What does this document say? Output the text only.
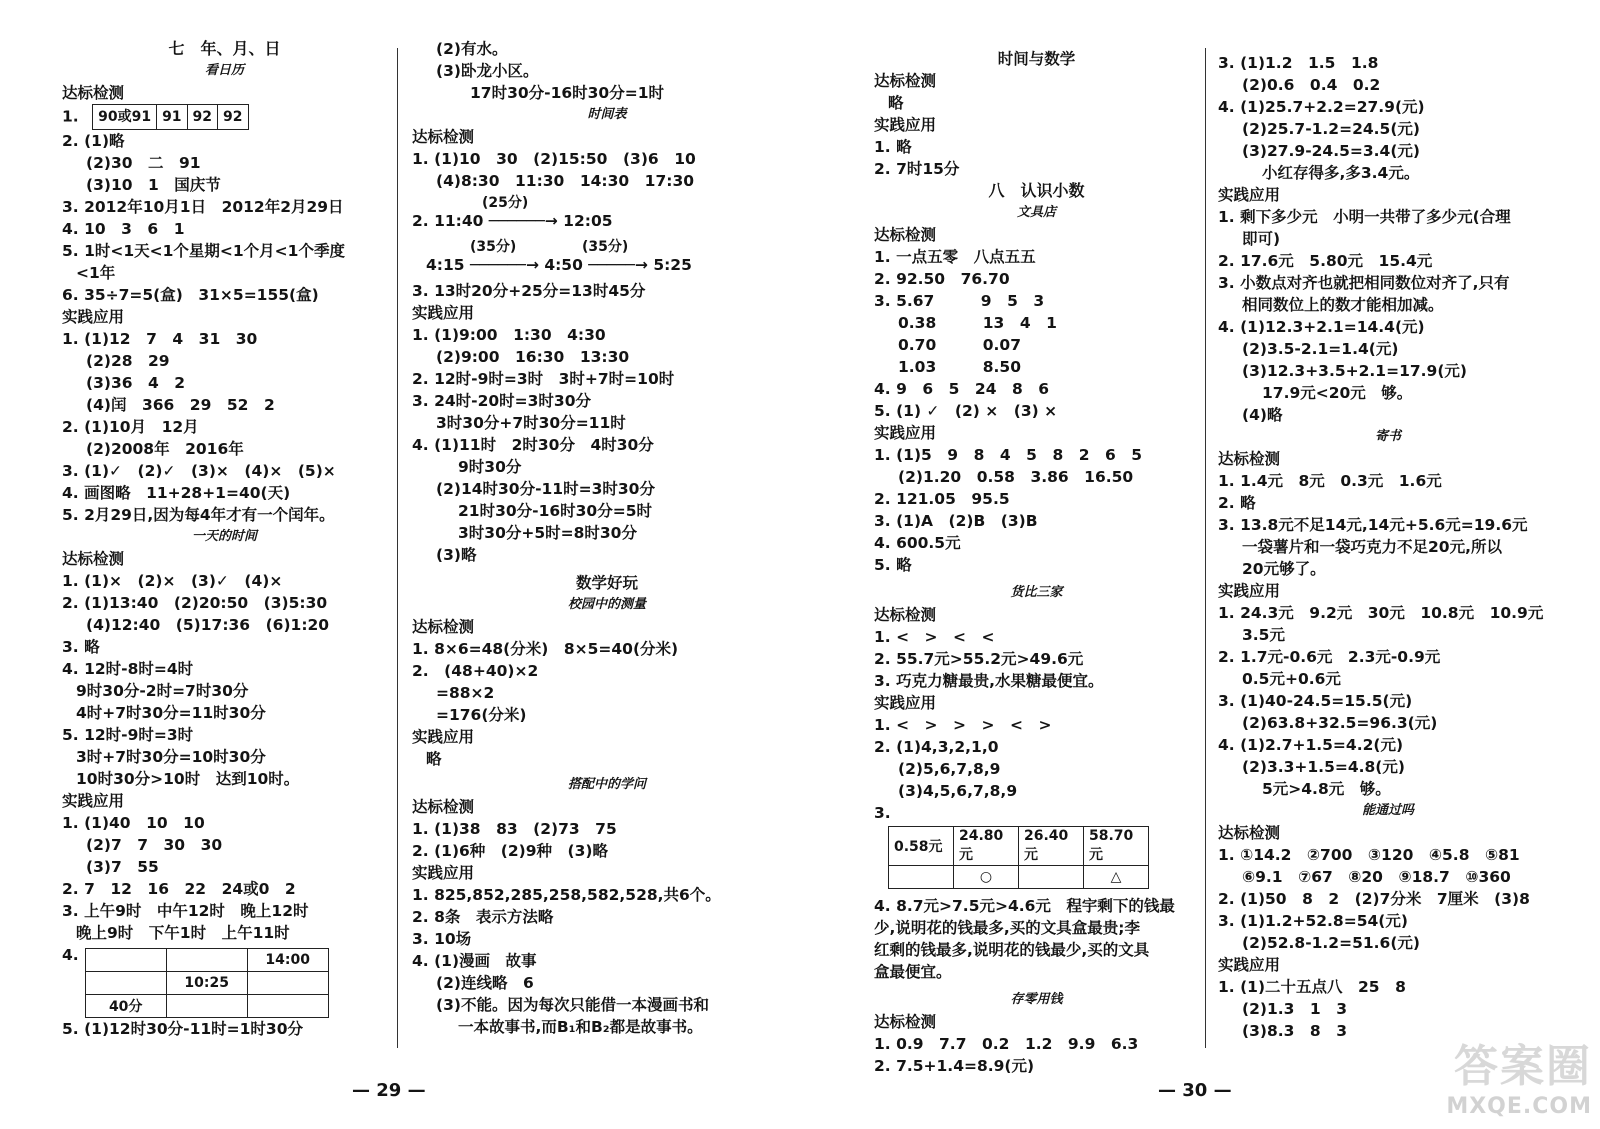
七　年、月、日
看日历
达标检测
1. 90或91	91	92	92
2. (1)略
(2)30　二　91
(3)10　1　国庆节
3. 2012年10月1日　2012年2月29日
4. 10　3　6　1
5. 1时<1天<1个星期<1个月<1个季度
<1年
6. 35÷7=5(盒)　31×5=155(盒)
实践应用
1. (1)12　7　4　31　30
(2)28　29
(3)36　4　2
(4)闰　366　29　52　2
2. (1)10月　12月
(2)2008年　2016年
3. (1)✓　(2)✓　(3)×　(4)×　(5)×
4. 画图略　11+28+1=40(天)
5. 2月29日,因为每4年才有一个闰年。
一天的时间
达标检测
1. (1)×　(2)×　(3)✓　(4)×
2. (1)13:40　(2)20:50　(3)5:30
(4)12:40　(5)17:36　(6)1:20
3. 略
4. 12时-8时=4时
9时30分-2时=7时30分
4时+7时30分=11时30分
5. 12时-9时=3时
3时+7时30分=10时30分
10时30分>10时　达到10时。
实践应用
1. (1)40　10　10
(2)7　7　30　30
(3)7　55
2. 7　12　16　22　24或0　2
3. 上午9时　中午12时　晚上12时
晚上9时　下午1时　上午11时
4.
			14:00
	10:25	
40分		
5. (1)12时30分-11时=1时30分
(2)有水。
(3)卧龙小区。
17时30分-16时30分=1时
时间表
达标检测
1. (1)10　30　(2)15:50　(3)6　10
(4)8:30　11:30　14:30　17:30
(25分)
2. 11:40 ──────→ 12:05
(35分)	(35分)
4:15 ──────→ 4:50 ─────→ 5:25
3. 13时20分+25分=13时45分
实践应用
1. (1)9:00　1:30　4:30
(2)9:00　16:30　13:30
2. 12时-9时=3时　3时+7时=10时
3. 24时-20时=3时30分
3时30分+7时30分=11时
4. (1)11时　2时30分　4时30分
9时30分
(2)14时30分-11时=3时30分
21时30分-16时30分=5时
3时30分+5时=8时30分
(3)略
数学好玩
校园中的测量
达标检测
1. 8×6=48(分米)　8×5=40(分米)
2.　(48+40)×2
=88×2
=176(分米)
实践应用
略
搭配中的学问
达标检测
1. (1)38　83　(2)73　75
2. (1)6种　(2)9种　(3)略
实践应用
1. 825,852,285,258,582,528,共6个。
2. 8条　表示方法略
3. 10场
4. (1)漫画　故事
(2)连线略　6
(3)不能。因为每次只能借一本漫画书和
一本故事书,而B₁和B₂都是故事书。
时间与数学
达标检测
略
实践应用
1. 略
2. 7时15分
八　认识小数
文具店
达标检测
1. 一点五零　八点五五
2. 92.50　76.70
3. 5.67　　　9　5　3
0.38　　　13　4　1
0.70　　　0.07
1.03　　　8.50
4. 9　6　5　24　8　6
5. (1) ✓　(2) ×　(3) ×
实践应用
1. (1)5　9　8　4　5　8　2　6　5
(2)1.20　0.58　3.86　16.50
2. 121.05　95.5
3. (1)A　(2)B　(3)B
4. 600.5元
5. 略
货比三家
达标检测
1. <　>　<　<
2. 55.7元>55.2元>49.6元
3. 巧克力糖最贵,水果糖最便宜。
实践应用
1. <　>　>　>　<　>
2. (1)4,3,2,1,0
(2)5,6,7,8,9
(3)4,5,6,7,8,9
3.
0.58元	24.80元	26.40元	58.70元
	○		△
4. 8.7元>7.5元>4.6元　程宇剩下的钱最
少,说明花的钱最多,买的文具盒最贵;李
红剩的钱最多,说明花的钱最少,买的文具
盒最便宜。
存零用钱
达标检测
1. 0.9　7.7　0.2　1.2　9.9　6.3
2. 7.5+1.4=8.9(元)
3. (1)1.2　1.5　1.8
(2)0.6　0.4　0.2
4. (1)25.7+2.2=27.9(元)
(2)25.7-1.2=24.5(元)
(3)27.9-24.5=3.4(元)
小红存得多,多3.4元。
实践应用
1. 剩下多少元　小明一共带了多少元(合理
即可)
2. 17.6元　5.80元　15.4元
3. 小数点对齐也就把相同数位对齐了,只有
相同数位上的数才能相加减。
4. (1)12.3+2.1=14.4(元)
(2)3.5-2.1=1.4(元)
(3)12.3+3.5+2.1=17.9(元)
17.9元<20元　够。
(4)略
寄书
达标检测
1. 1.4元　8元　0.3元　1.6元
2. 略
3. 13.8元不足14元,14元+5.6元=19.6元
一袋薯片和一袋巧克力不足20元,所以
20元够了。
实践应用
1. 24.3元　9.2元　30元　10.8元　10.9元
3.5元
2. 1.7元-0.6元　2.3元-0.9元
0.5元+0.6元
3. (1)40-24.5=15.5(元)
(2)63.8+32.5=96.3(元)
4. (1)2.7+1.5=4.2(元)
(2)3.3+1.5=4.8(元)
5元>4.8元　够。
能通过吗
达标检测
1. ①14.2　②700　③120　④5.8　⑤81
⑥9.1　⑦67　⑧20　⑨18.7　⑩360
2. (1)50　8　2　(2)7分米　7厘米　(3)8
3. (1)1.2+52.8=54(元)
(2)52.8-1.2=51.6(元)
实践应用
1. (1)二十五点八　25　8
(2)1.3　1　3
(3)8.3　8　3
— 29 —	— 30 —	答案圈
MXQE.COM
